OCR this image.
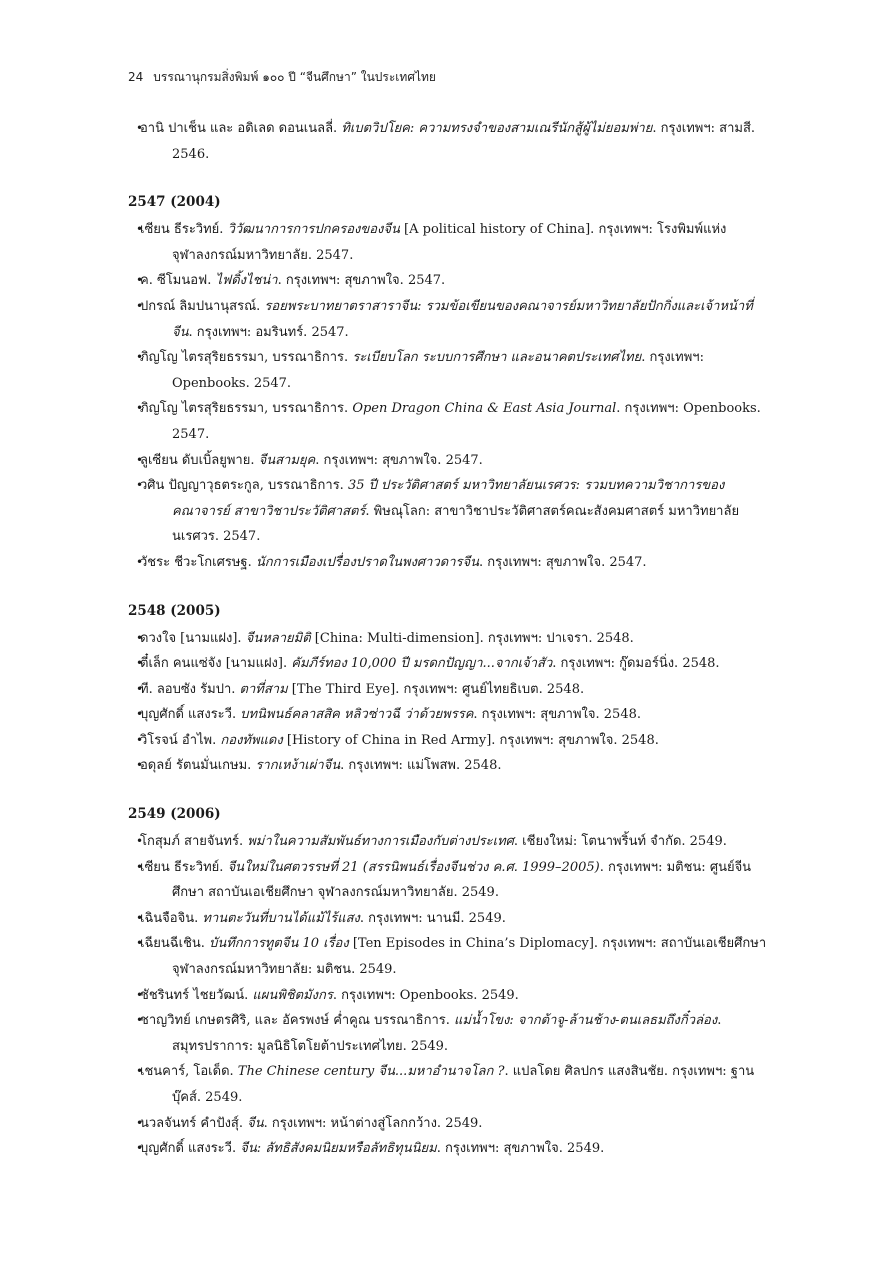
24 บรรณานุกรมสิ่งพิมพ์ ๑๐๐ ปี “จีนศึกษา” ในประเทศไทย
• อานิ ปาเช็น และ อดิเลด ดอนเนลลี่. ทิเบตวิปโยค: ความทรงจำของสามเณรีนักสู้ผู้ไม่ยอมพ่าย. กรุงเทพฯ: สามสี. 2546.
2547 (2004)
• เซียน ธีระวิทย์. วิวัฒนาการการปกครองของจีน [A political history of China]. กรุงเทพฯ: โรงพิมพ์แห่งจุฬาลงกรณ์มหาวิทยาลัย. 2547.
• ค. ซีโมนอฟ. ไฟดิ้งไชน่า. กรุงเทพฯ: สุขภาพใจ. 2547.
• ปกรณ์ ลิมปนานุสรณ์. รอยพระบาทยาตราสาราจีน: รวมข้อเขียนของคณาจารย์มหาวิทยาลัยปักกิ่งและเจ้าหน้าที่จีน. กรุงเทพฯ: อมรินทร์. 2547.
• ภิญโญ ไตรสุริยธรรมา, บรรณาธิการ. ระเบียบโลก ระบบการศึกษา และอนาคตประเทศไทย. กรุงเทพฯ: Openbooks. 2547.
• ภิญโญ ไตรสุริยธรรมา, บรรณาธิการ. Open Dragon China & East Asia Journal. กรุงเทพฯ: Openbooks. 2547.
• ลูเซียน ดับเบิ้ลยูพาย. จีนสามยุค. กรุงเทพฯ: สุขภาพใจ. 2547.
• วศิน ปัญญาวุธตระกูล, บรรณาธิการ. 35 ปี ประวัติศาสตร์ มหาวิทยาลัยนเรศวร: รวมบทความวิชาการของคณาจารย์ สาขาวิชาประวัติศาสตร์. พิษณุโลก: สาขาวิชาประวัติศาสตร์คณะสังคมศาสตร์ มหาวิทยาลัยนเรศวร. 2547.
• วัชระ ชีวะโกเศรษฐ. นักการเมืองเปรื่องปราดในพงศาวดารจีน. กรุงเทพฯ: สุขภาพใจ. 2547.
2548 (2005)
• ดวงใจ [นามแฝง]. จีนหลายมิติ [China: Multi-dimension]. กรุงเทพฯ: ปาเจรา. 2548.
• ตี๋เล็ก คนแซ่จัง [นามแฝง]. คัมภีร์ทอง 10,000 ปี มรดกปัญญา...จากเจ้าสัว. กรุงเทพฯ: กู๊ดมอร์นิ่ง. 2548.
• ที. ลอบซัง รัมปา. ตาที่สาม [The Third Eye]. กรุงเทพฯ: ศูนย์ไทยธิเบต. 2548.
• บุญศักดิ์ แสงระวี. บทนิพนธ์คลาสสิค หลิวซ่าวฉี ว่าด้วยพรรค. กรุงเทพฯ: สุขภาพใจ. 2548.
• วิโรจน์ อำไพ. กองทัพแดง [History of China in Red Army]. กรุงเทพฯ: สุขภาพใจ. 2548.
• อดุลย์ รัตนมั่นเกษม. รากเหง้าเผ่าจีน. กรุงเทพฯ: แม่โพสพ. 2548.
2549 (2006)
• โกสุมภ์ สายจันทร์. พม่าในความสัมพันธ์ทางการเมืองกับต่างประเทศ. เชียงใหม่: โตนาพริ้นท์ จำกัด. 2549.
• เซียน ธีระวิทย์. จีนใหม่ในศตวรรษที่ 21 (สรรนิพนธ์เรื่องจีนช่วง ค.ศ. 1999–2005). กรุงเทพฯ: มติชน: ศูนย์จีนศึกษา สถาบันเอเชียศึกษา จุฬาลงกรณ์มหาวิทยาลัย. 2549.
• เฉินจือจิน. ทานตะวันที่บานได้แม้ไร้แสง. กรุงเทพฯ: นานมี. 2549.
• เฉียนฉีเชิน. บันทึกการทูตจีน 10 เรื่อง [Ten Episodes in China’s Diplomacy]. กรุงเทพฯ: สถาบันเอเชียศึกษา จุฬาลงกรณ์มหาวิทยาลัย: มติชน. 2549.
• ชัชรินทร์ ไชยวัฒน์. แผนพิชิตมังกร. กรุงเทพฯ: Openbooks. 2549.
• ชาญวิทย์ เกษตรศิริ, และ อัครพงษ์ ค่ำคูณ บรรณาธิการ. แม่น้ำโขง: จากต้าจู-ล้านช้าง-ตนเลธมถึงกิ๋วล่อง. สมุทรปราการ: มูลนิธิโตโยต้าประเทศไทย. 2549.
• เชนคาร์, โอเด็ด. The Chinese century จีน...มหาอำนาจโลก ?. แปลโดย ศิลปกร แสงสินชัย. กรุงเทพฯ: ฐานบุ๊คส์. 2549.
• นวลจันทร์ คำปังสุ์. จีน. กรุงเทพฯ: หน้าต่างสู่โลกกว้าง. 2549.
• บุญศักดิ์ แสงระวี. จีน: ลัทธิสังคมนิยมหรือลัทธิทุนนิยม. กรุงเทพฯ: สุขภาพใจ. 2549.
